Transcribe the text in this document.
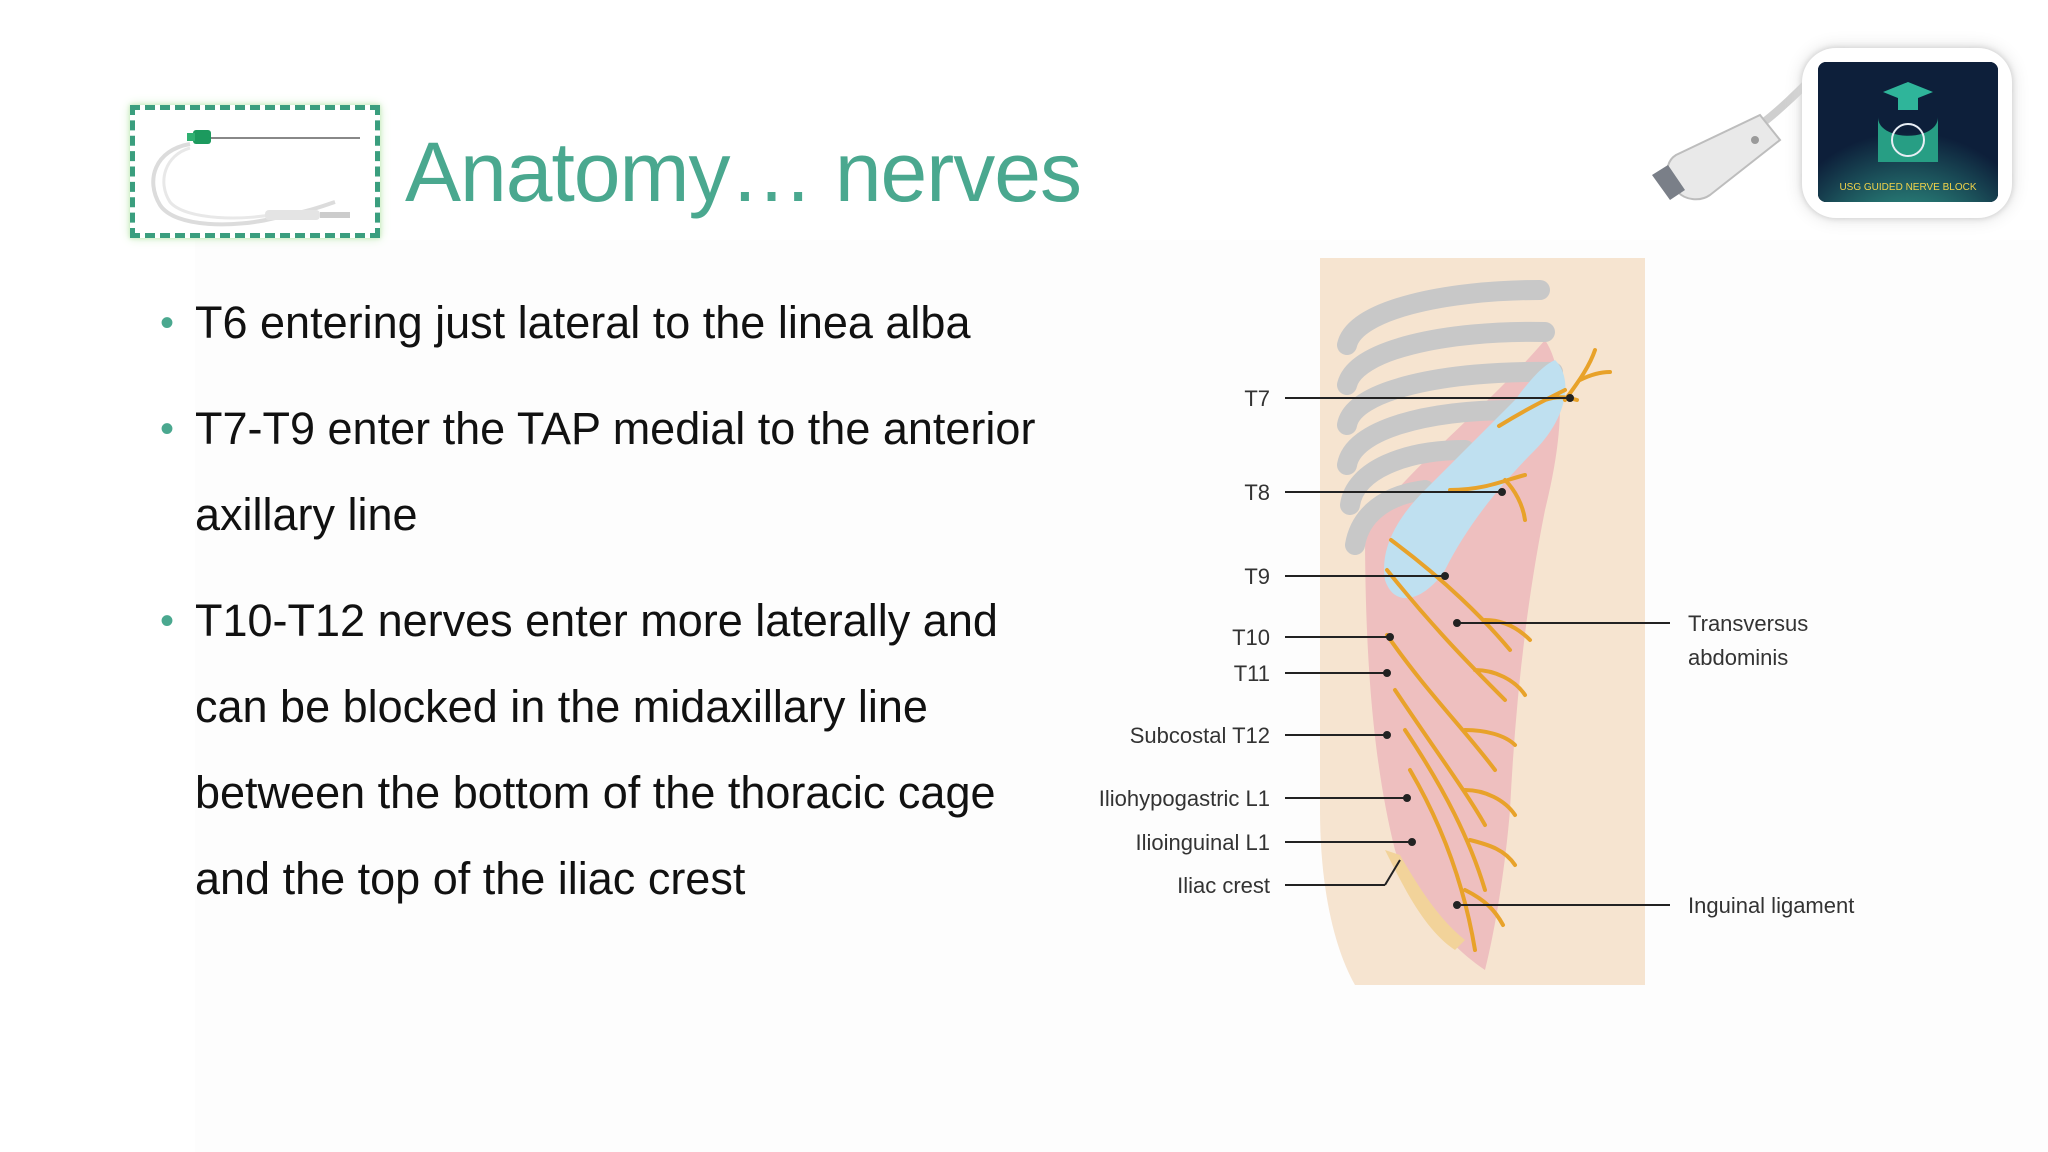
Anatomy… nerves
• T6 entering just lateral to the linea alba
• T7-T9 enter the TAP medial to the anterior axillary line
• T10-T12 nerves enter more laterally and can be blocked in the midaxillary line between the bottom of the thoracic cage and the top of the iliac crest
T7
T8
T9
T10
T11
Subcostal T12
Iliohypogastric L1
Ilioinguinal L1
Iliac crest
Transversus
abdominis
Inguinal ligament
USG GUIDED NERVE BLOCK
